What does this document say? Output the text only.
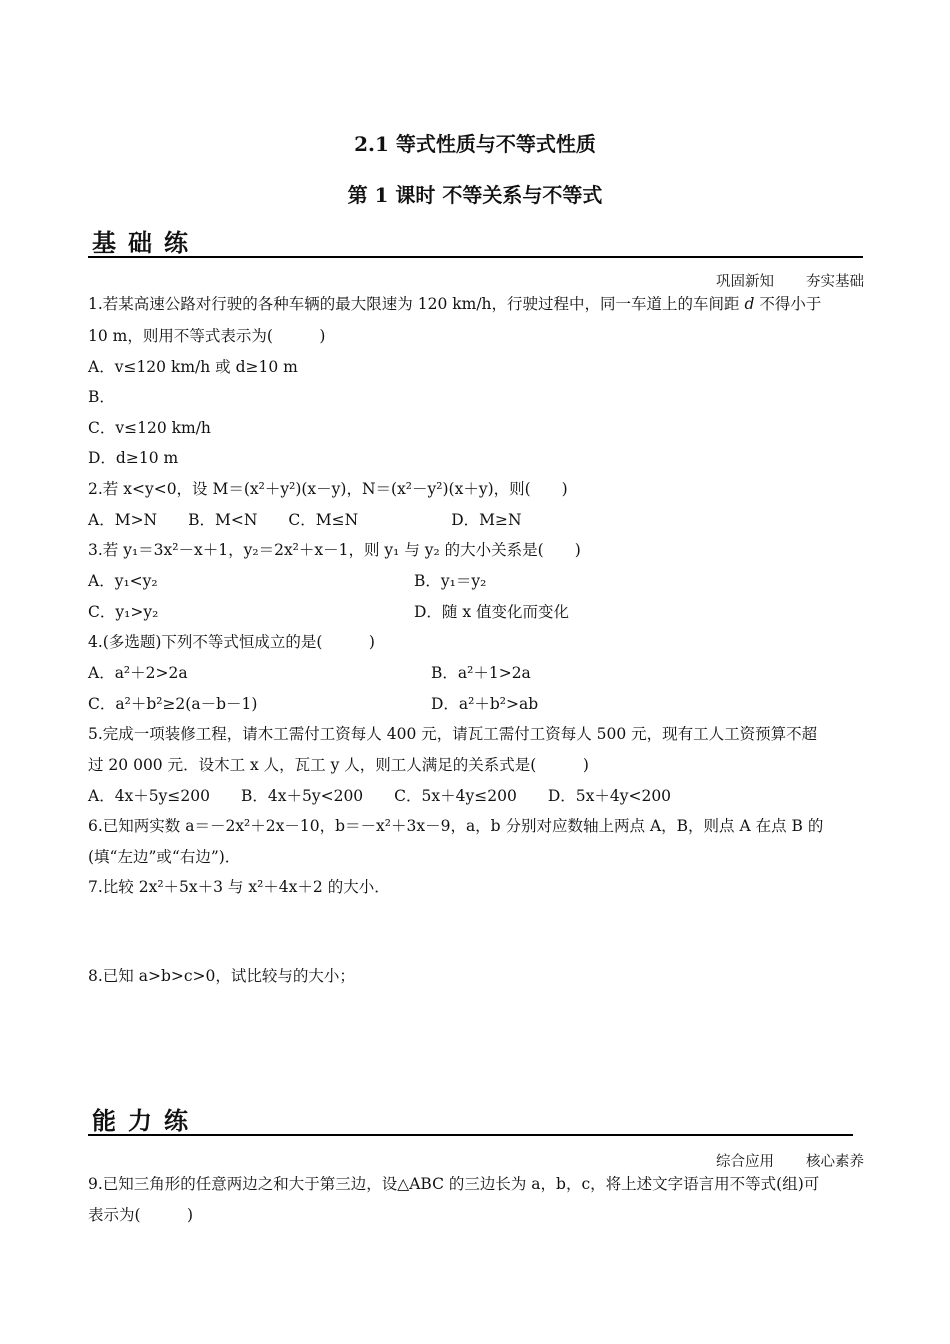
2.1 等式性质与不等式性质
第 1 课时 不等关系与不等式
基础练
巩固新知 夯实基础
1.若某高速公路对行驶的各种车辆的最大限速为 120 km/h，行驶过程中，同一车道上的车间距 d 不得小于
10 m，则用不等式表示为(　　　)
A．v≤120 km/h 或 d≥10 m
B．
C．v≤120 km/h
D．d≥10 m
2.若 x<y<0，设 M＝(x²＋y²)(x－y)，N＝(x²－y²)(x＋y)，则(　　)
A．M>N　　B．M<N　　C．M≤N　　　　　　D．M≥N
3.若 y₁＝3x²－x＋1，y₂＝2x²＋x－1，则 y₁ 与 y₂ 的大小关系是(　　)
A．y₁<y₂	B．y₁＝y₂
C．y₁>y₂	D．随 x 值变化而变化
4.(多选题)下列不等式恒成立的是(　　　)
A．a²＋2>2a	B．a²＋1>2a
C．a²＋b²≥2(a－b－1)	D．a²＋b²>ab
5.完成一项装修工程，请木工需付工资每人 400 元，请瓦工需付工资每人 500 元，现有工人工资预算不超
过 20 000 元．设木工 x 人，瓦工 y 人，则工人满足的关系式是(　　　)
A．4x＋5y≤200　　B．4x＋5y<200　　C．5x＋4y≤200　　D．5x＋4y<200
6.已知两实数 a＝－2x²＋2x－10，b＝－x²＋3x－9，a，b 分别对应数轴上两点 A，B，则点 A 在点 B 的
(填“左边”或“右边”)．
7.比较 2x²＋5x＋3 与 x²＋4x＋2 的大小．
8.已知 a>b>c>0，试比较与的大小；
能力练
综合应用 核心素养
9.已知三角形的任意两边之和大于第三边，设△ABC 的三边长为 a，b，c，将上述文字语言用不等式(组)可
表示为(　　　)
